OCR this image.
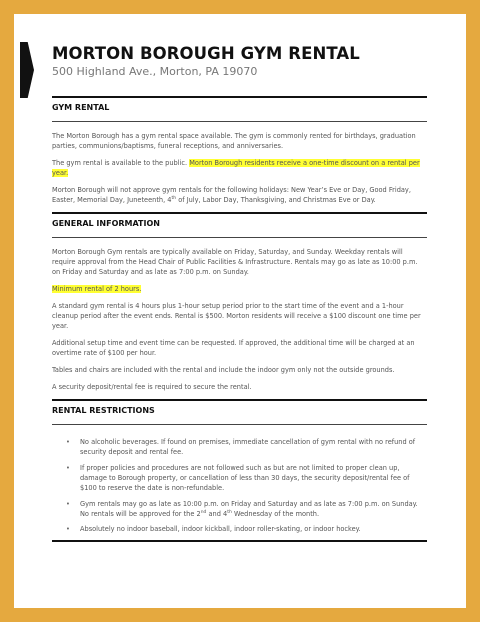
MORTON BOROUGH GYM RENTAL
500 Highland Ave., Morton, PA 19070
GYM RENTAL

The Morton Borough has a gym rental space available. The gym is commonly rented for birthdays, graduation parties, communions/baptisms, funeral receptions, and anniversaries.

The gym rental is available to the public. Morton Borough residents receive a one-time discount on a rental per year.

Morton Borough will not approve gym rentals for the following holidays: New Year’s Eve or Day, Good Friday, Easter, Memorial Day, Juneteenth, 4th of July, Labor Day, Thanksgiving, and Christmas Eve or Day.

GENERAL INFORMATION

Morton Borough Gym rentals are typically available on Friday, Saturday, and Sunday. Weekday rentals will require approval from the Head Chair of Public Facilities & Infrastructure. Rentals may go as late as 10:00 p.m. on Friday and Saturday and as late as 7:00 p.m. on Sunday.

Minimum rental of 2 hours.

A standard gym rental is 4 hours plus 1-hour setup period prior to the start time of the event and a 1-hour cleanup period after the event ends. Rental is $500. Morton residents will receive a $100 discount one time per year.

Additional setup time and event time can be requested. If approved, the additional time will be charged at an overtime rate of $100 per hour.

Tables and chairs are included with the rental and include the indoor gym only not the outside grounds.

A security deposit/rental fee is required to secure the rental.

RENTAL RESTRICTIONS
• No alcoholic beverages. If found on premises, immediate cancellation of gym rental with no refund of security deposit and rental fee.
• If proper policies and procedures are not followed such as but are not limited to proper clean up, damage to Borough property, or cancellation of less than 30 days, the security deposit/rental fee of $100 to reserve the date is non-refundable.
• Gym rentals may go as late as 10:00 p.m. on Friday and Saturday and as late as 7:00 p.m. on Sunday. No rentals will be approved for the 2nd and 4th Wednesday of the month.
• Absolutely no indoor baseball, indoor kickball, indoor roller-skating, or indoor hockey.
